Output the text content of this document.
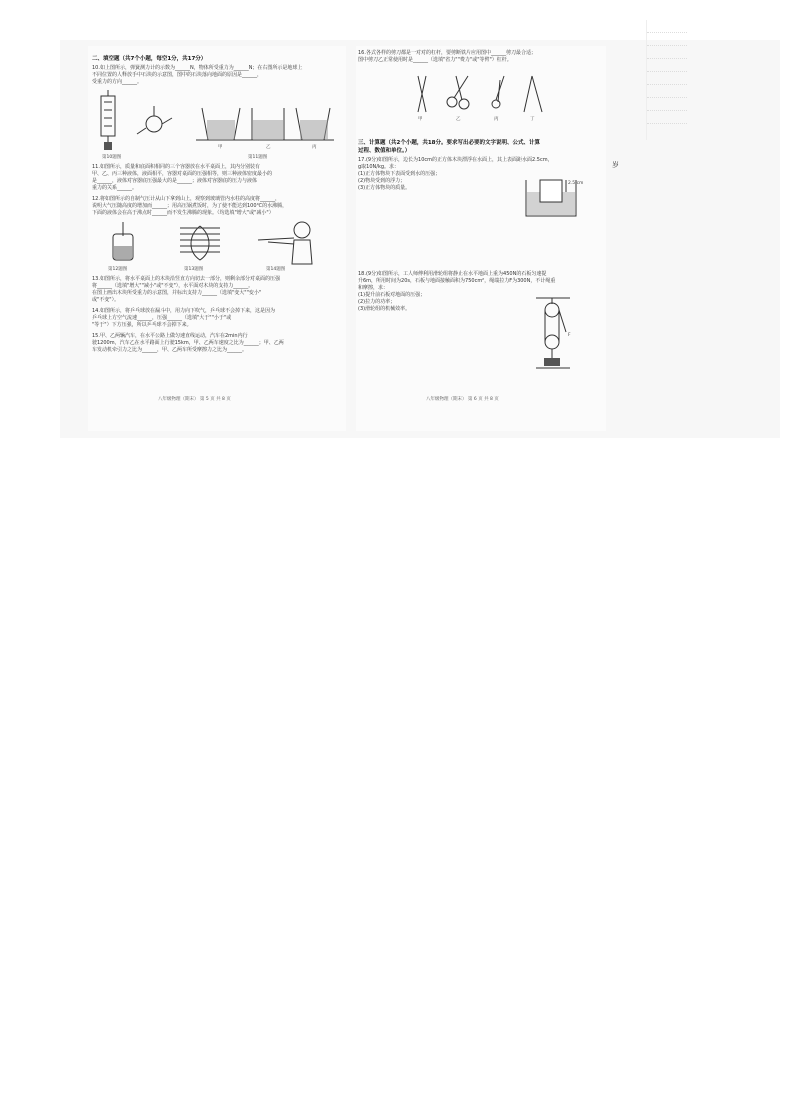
二、填空题（共7个小题，每空1分，共17分）
10.如上图所示，弹簧测力计的示数为______N，物体所受重力为______N；在右图所示是地球上
不同位置的人释放手中石块的示意图，图中的石块落向地面的原因是______，
受重力的方向______。
第10题图
甲	乙	丙
第11题图
11.如图所示，质量和底面积相同的三个容器放在水平桌面上，其内分别装有
甲、乙、丙三种液体，液面相平，容器对桌面的压强相等，则三种液体密度最小的
是______，液体对容器底压强最大的是______；液体对容器底的压力与液体
重力的关系______。
12.将如图所示的自制气压计从山下拿到山上，观察到玻璃管内水柱的高度将______，
说明大气压随高度的增加而______；用高压锅煮饭时，为了使不能达到100℃的水沸腾，
下面的液体会在高于沸点时______而不发生沸腾的现象。（均选填"增大"或"减小"）
第12题图	第13题图	第14题图
13.如图所示，将水平桌面上的木块沿竖直方向切去一部分，则剩余部分对桌面的压强
将______（选填"增大""减小"或"不变"），水平面对木块的支持力______。
在图上画出木块所受重力的示意图，并标出支持力______（选填"变大""变小"
或"不变"）。
14.如图所示，将乒乓球放在漏斗中，用力向下吹气，乒乓球不会掉下来，这是因为
乒乓球上方空气流速______，压强______（选填"大于""小于"或
"等于"）下方压强，所以乒乓球不会掉下来。
15.甲、乙两辆汽车，在水平公路上做匀速直线运动，汽车在2min内行
驶1200m，汽车乙在水平路面上行驶15km，甲、乙两车速度之比为______；甲、乙两
车发动机牵引力之比为______，甲、乙两车所受摩擦力之比为______。
八年级物理（期末） 第 5 页 共 8 页
16.各式各样的剪刀都是一对对的杠杆，要剪断铁片应用图中______剪刀最合适；
图中剪刀乙正常使用时是______（选填"省力""费力"或"等臂"）杠杆。
甲	乙	丙	丁
三、计算题（共2个小题，共18分。要求写出必要的文字说明、公式、计算
过程、数值和单位。）
17.(9分)如图所示，边长为10cm的正方体木块漂浮在水面上，其上表面距水面2.5cm，
g取10N/kg。求：
(1)正方体物块下表面受到水的压强；
(2)物块受到的浮力；
(3)正方体物块的质量。
2.5 cm
18.(9分)如图所示，工人师傅利用滑轮组将静止在水平地面上重为450N的石板匀速提
升6m，所用时间为20s，石板与地面接触面积为750cm²，绳端拉力F为300N，不计绳重
和摩擦，求：
(1)提升前石板对地面的压强；
(2)拉力的功率；
(3)滑轮组的机械效率。
F
八年级物理（期末） 第 6 页 共 8 页
岁
